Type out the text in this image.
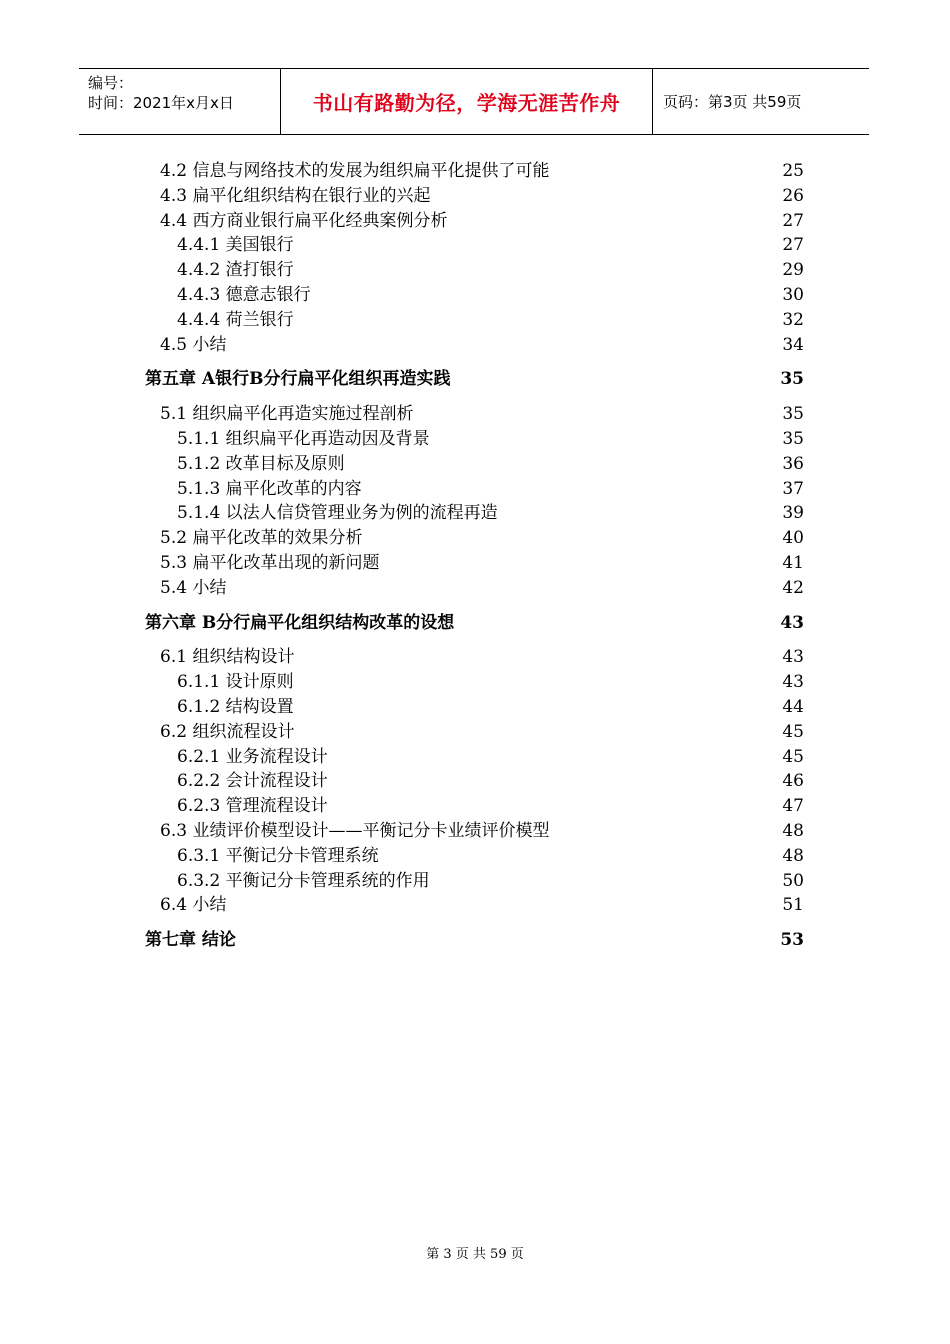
编号：
时间：2021年x月x日	书山有路勤为径，学海无涯苦作舟	页码：第3页 共59页
4.2 信息与网络技术的发展为组织扁平化提供了可能	25
4.3 扁平化组织结构在银行业的兴起	26
4.4 西方商业银行扁平化经典案例分析	27
4.4.1 美国银行	27
4.4.2 渣打银行	29
4.4.3 德意志银行	30
4.4.4 荷兰银行	32
4.5 小结	34
第五章 A银行B分行扁平化组织再造实践	35
5.1 组织扁平化再造实施过程剖析	35
5.1.1 组织扁平化再造动因及背景	35
5.1.2 改革目标及原则	36
5.1.3 扁平化改革的内容	37
5.1.4 以法人信贷管理业务为例的流程再造	39
5.2 扁平化改革的效果分析	40
5.3 扁平化改革出现的新问题	41
5.4 小结	42
第六章 B分行扁平化组织结构改革的设想	43
6.1 组织结构设计	43
6.1.1 设计原则	43
6.1.2 结构设置	44
6.2 组织流程设计	45
6.2.1 业务流程设计	45
6.2.2 会计流程设计	46
6.2.3 管理流程设计	47
6.3 业绩评价模型设计——平衡记分卡业绩评价模型	48
6.3.1 平衡记分卡管理系统	48
6.3.2 平衡记分卡管理系统的作用	50
6.4 小结	51
第七章 结论	53
第 3 页 共 59 页
